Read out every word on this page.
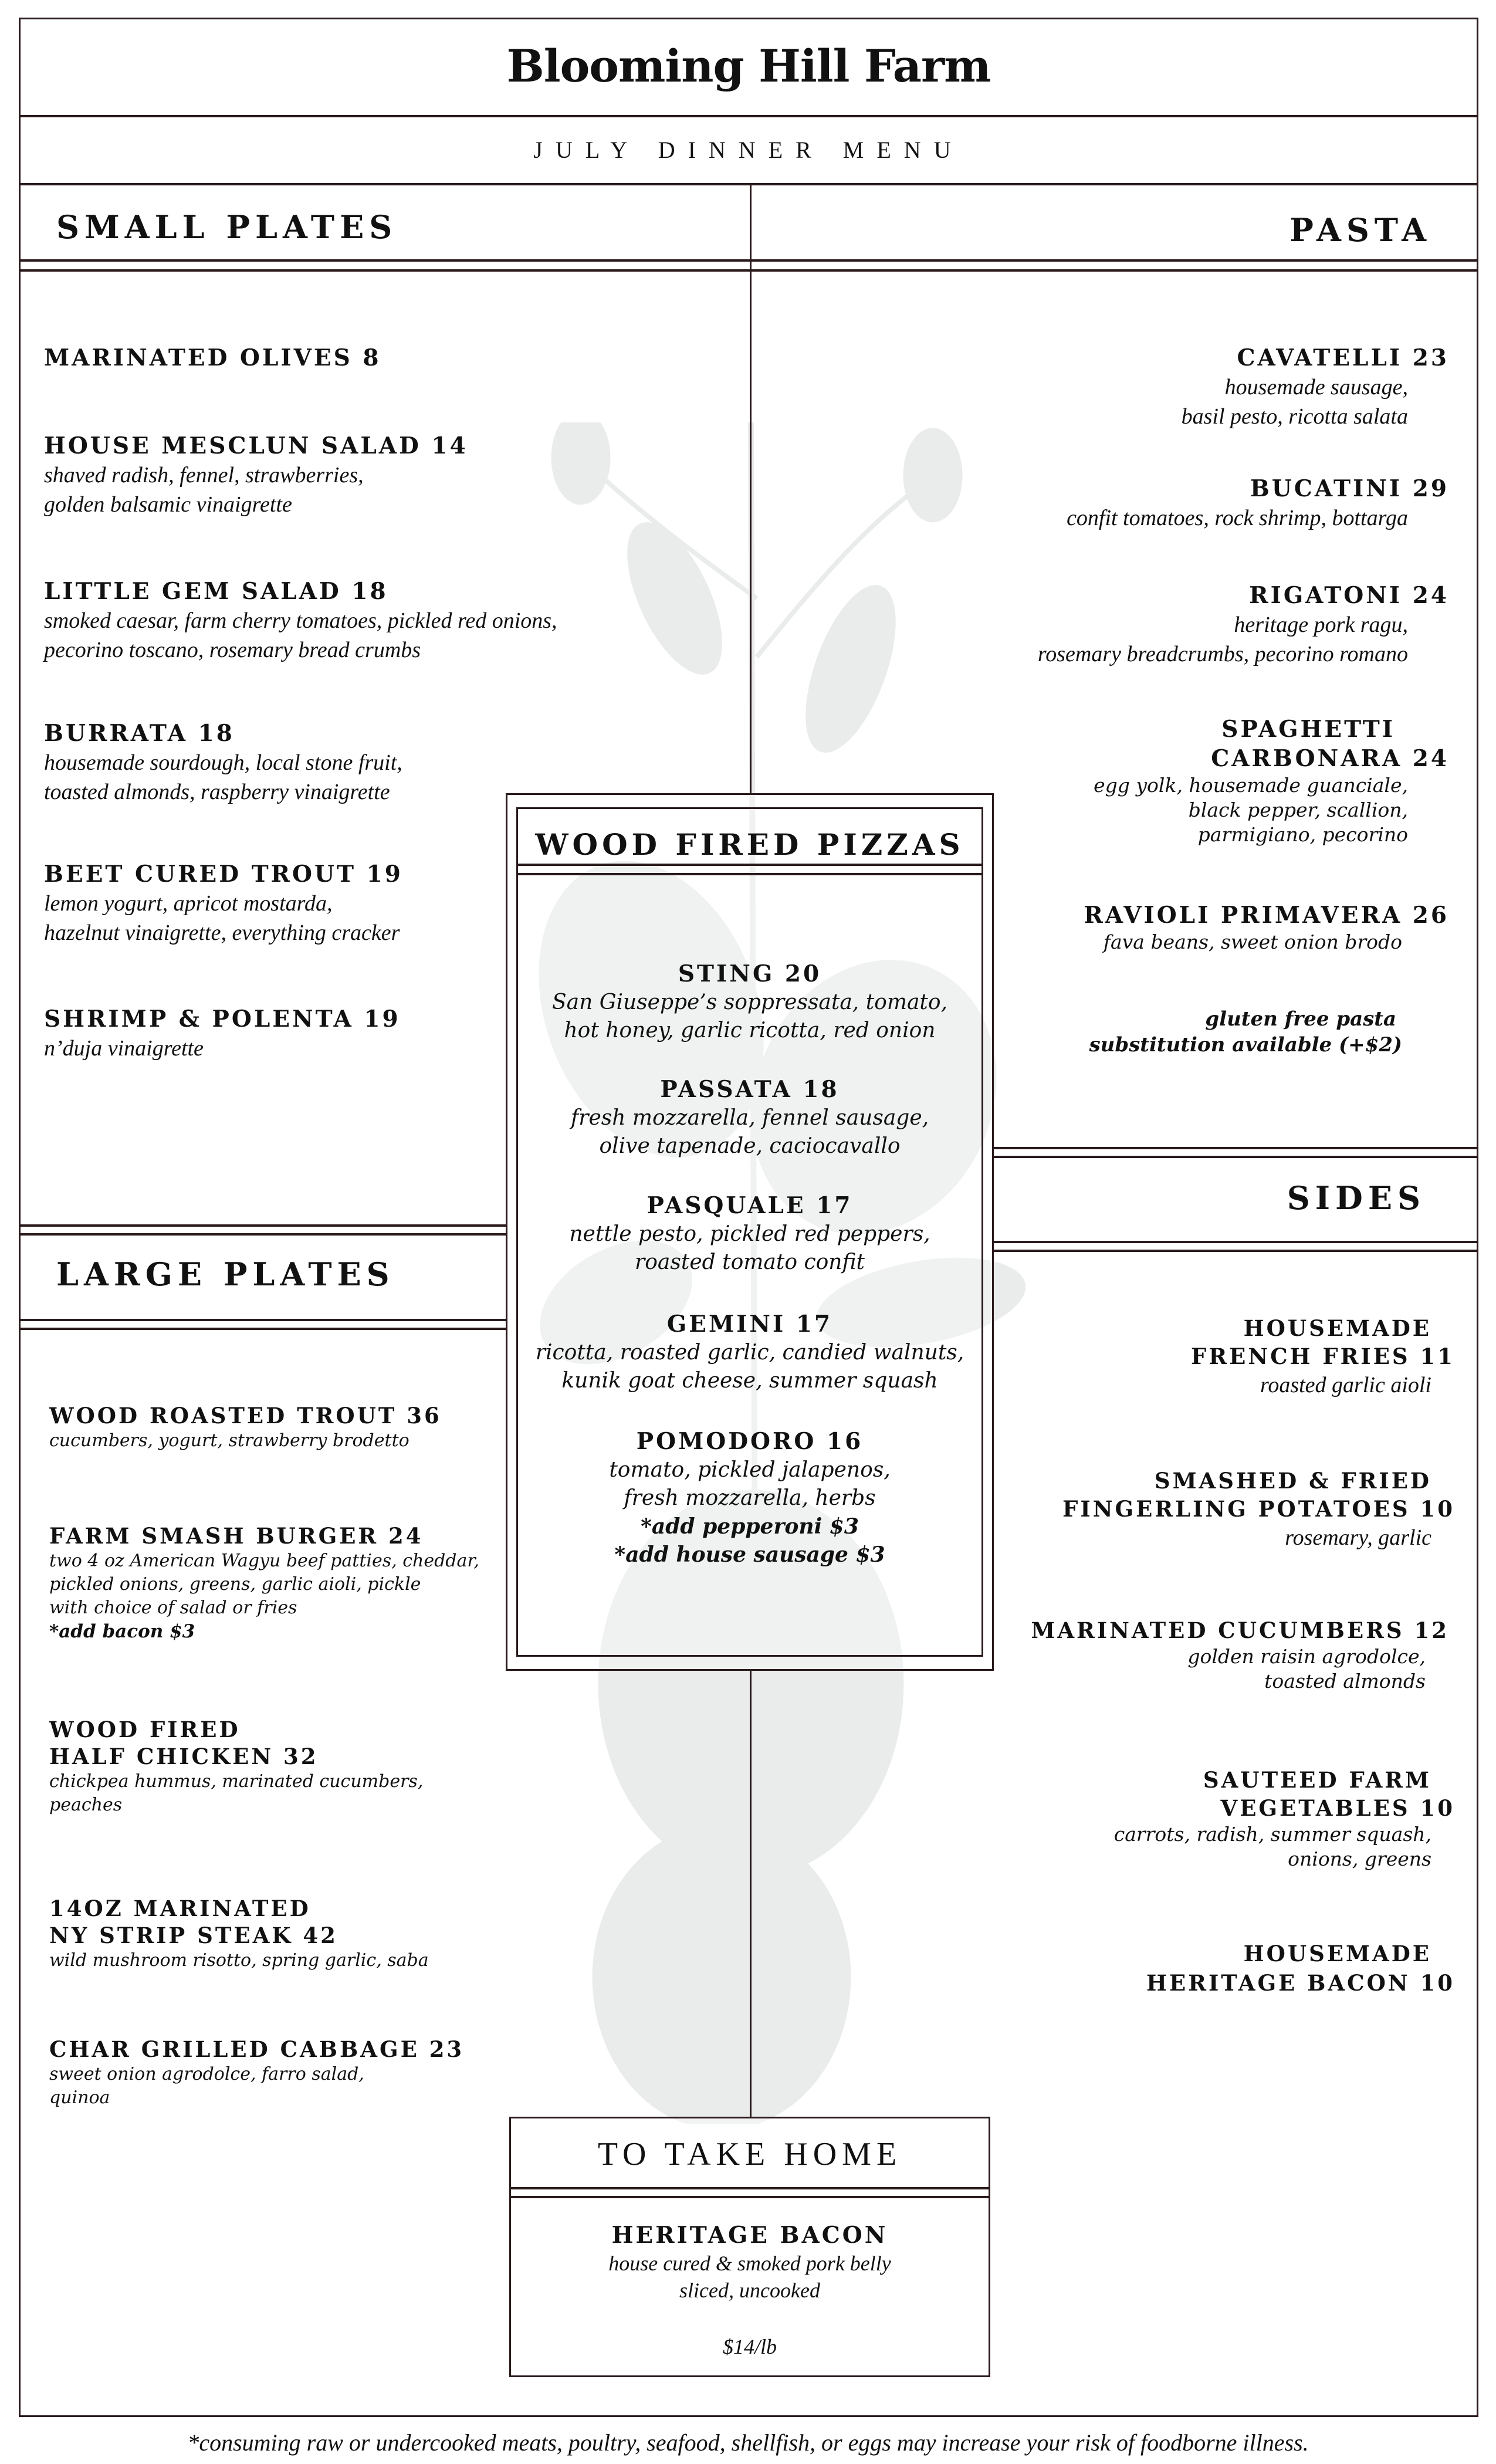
Blooming Hill Farm
JULY DINNER MENU
SMALL PLATES	PASTA
MARINATED OLIVES 8
HOUSE MESCLUN SALAD 14
shaved radish, fennel, strawberries,
golden balsamic vinaigrette
LITTLE GEM SALAD 18
smoked caesar, farm cherry tomatoes, pickled red onions,
pecorino toscano, rosemary bread crumbs
BURRATA 18
housemade sourdough, local stone fruit,
toasted almonds, raspberry vinaigrette
BEET CURED TROUT 19
lemon yogurt, apricot mostarda,
hazelnut vinaigrette, everything cracker
SHRIMP & POLENTA 19
n’duja vinaigrette
CAVATELLI 23
housemade sausage,
basil pesto, ricotta salata
BUCATINI 29
confit tomatoes, rock shrimp, bottarga
RIGATONI 24
heritage pork ragu,
rosemary breadcrumbs, pecorino romano
SPAGHETTI
CARBONARA 24
egg yolk, housemade guanciale,
black pepper, scallion,
parmigiano, pecorino
RAVIOLI PRIMAVERA 26
fava beans, sweet onion brodo
gluten free pasta
substitution available (+$2)
WOOD FIRED PIZZAS
STING 20
San Giuseppe’s soppressata, tomato,
hot honey, garlic ricotta, red onion
PASSATA 18
fresh mozzarella, fennel sausage,
olive tapenade, caciocavallo
PASQUALE 17
nettle pesto, pickled red peppers,
roasted tomato confit
GEMINI 17
ricotta, roasted garlic, candied walnuts,
kunik goat cheese, summer squash
POMODORO 16
tomato, pickled jalapenos,
fresh mozzarella, herbs
*add pepperoni $3
*add house sausage $3
LARGE PLATES
WOOD ROASTED TROUT 36
cucumbers, yogurt, strawberry brodetto
FARM SMASH BURGER 24
two 4 oz American Wagyu beef patties, cheddar,
pickled onions, greens, garlic aioli, pickle
with choice of salad or fries
*add bacon $3
WOOD FIRED
HALF CHICKEN 32
chickpea hummus, marinated cucumbers,
peaches
14OZ MARINATED
NY STRIP STEAK 42
wild mushroom risotto, spring garlic, saba
CHAR GRILLED CABBAGE 23
sweet onion agrodolce, farro salad,
quinoa
SIDES
HOUSEMADE
FRENCH FRIES 11
roasted garlic aioli
SMASHED & FRIED
FINGERLING POTATOES 10
rosemary, garlic
MARINATED CUCUMBERS 12
golden raisin agrodolce,
toasted almonds
SAUTEED FARM
VEGETABLES 10
carrots, radish, summer squash,
onions, greens
HOUSEMADE
HERITAGE BACON 10
TO TAKE HOME
HERITAGE BACON
house cured & smoked pork belly
sliced, uncooked
$14/lb
*consuming raw or undercooked meats, poultry, seafood, shellfish, or eggs may increase your risk of foodborne illness.
